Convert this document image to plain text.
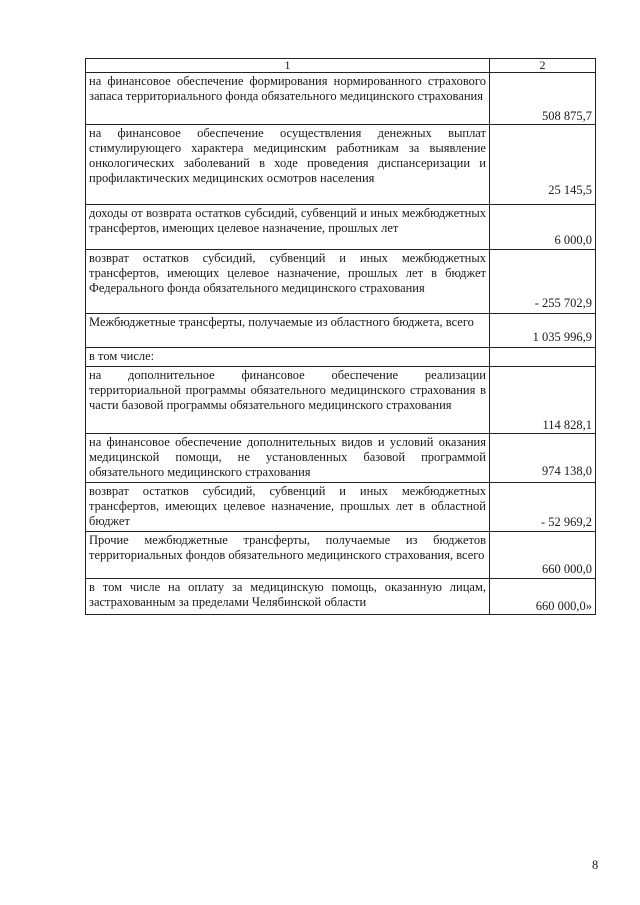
1	2

на финансовое обеспечение формирования нормированного страхового запаса территориального фонда обязательного медицинского страхования	508 875,7

на финансовое обеспечение осуществления денежных выплат стимулирующего характера медицинским работникам за выявление онкологических заболеваний в ходе проведения диспансеризации и профилактических медицинских осмотров населения	25 145,5

доходы от возврата остатков субсидий, субвенций и иных межбюджетных трансфертов, имеющих целевое назначение, прошлых лет	6 000,0

возврат остатков субсидий, субвенций и иных межбюджетных трансфертов, имеющих целевое назначение, прошлых лет в бюджет Федерального фонда обязательного медицинского страхования	- 255 702,9

Межбюджетные трансферты, получаемые из областного бюджета, всего	1 035 996,9

в том числе:	

на дополнительное финансовое обеспечение реализации территориальной программы обязательного медицинского страхования в части базовой программы обязательного медицинского страхования	114 828,1

на финансовое обеспечение дополнительных видов и условий оказания медицинской помощи, не установленных базовой программой обязательного медицинского страхования	974 138,0

возврат остатков субсидий, субвенций и иных межбюджетных трансфертов, имеющих целевое назначение, прошлых лет в областной бюджет	- 52 969,2

Прочие межбюджетные трансферты, получаемые из бюджетов территориальных фондов обязательного медицинского страхования, всего	660 000,0

в том числе на оплату за медицинскую помощь, оказанную лицам, застрахованным за пределами Челябинской области	660 000,0»
8
